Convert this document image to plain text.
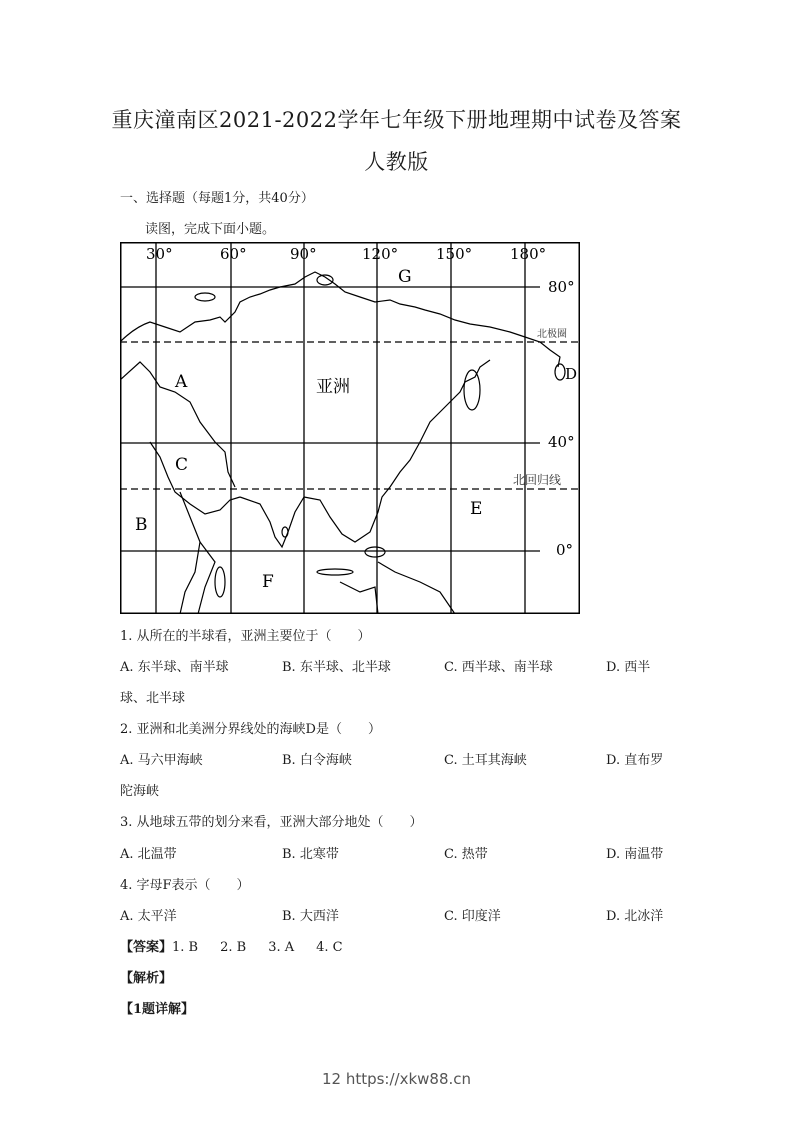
重庆潼南区2021-2022学年七年级下册地理期中试卷及答案
人教版
一、选择题（每题1分，共40分）
读图，完成下面小题。
30°	60°	90°	120°	150°	180°
80°
40°
0°
G
A
C
B
F
E
D
亚洲
北极圈
北回归线
1. 从所在的半球看，亚洲主要位于（　　）
A. 东半球、南半球	B. 东半球、北半球	C. 西半球、南半球	D. 西半
球、北半球
2. 亚洲和北美洲分界线处的海峡D是（　　）
A. 马六甲海峡	B. 白令海峡	C. 土耳其海峡	D. 直布罗
陀海峡
3. 从地球五带的划分来看，亚洲大部分地处（　　）
A. 北温带	B. 北寒带	C. 热带	D. 南温带
4. 字母F表示（　　）
A. 太平洋	B. 大西洋	C. 印度洋	D. 北冰洋
【答案】1. B 2. B 3. A 4. C
【解析】
【1题详解】
12 https://xkw88.cn
